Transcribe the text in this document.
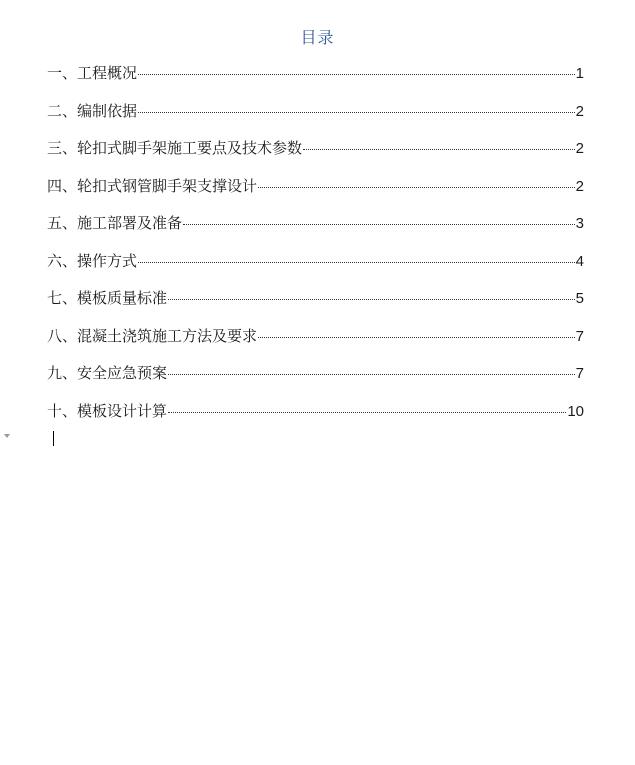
目录
一、工程概况	1
二、编制依据	2
三、轮扣式脚手架施工要点及技术参数	2
四、轮扣式钢管脚手架支撑设计	2
五、施工部署及准备	3
六、操作方式	4
七、模板质量标准	5
八、混凝土浇筑施工方法及要求	7
九、安全应急预案	7
十、模板设计计算	10
